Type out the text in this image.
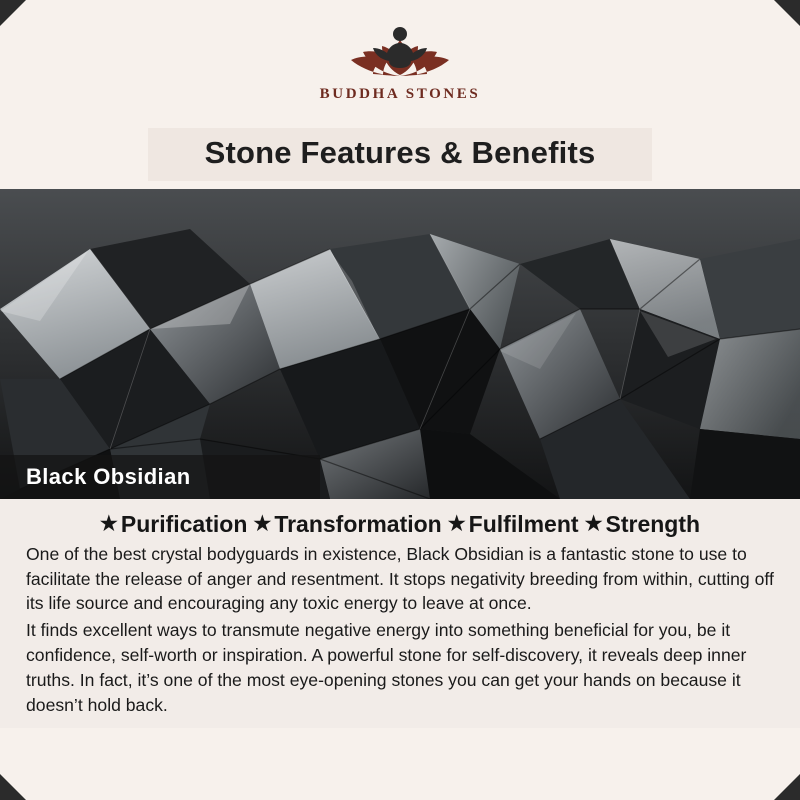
BUDDHA STONES
Stone Features & Benefits
Black Obsidian
★ Purification ★ Transformation ★ Fulfilment ★ Strength

One of the best crystal bodyguards in existence, Black Obsidian is a fantastic stone to use to facilitate the release of anger and resentment. It stops negativity breeding from within, cutting off its life source and encouraging any toxic energy to leave at once.

It finds excellent ways to transmute negative energy into something beneficial for you, be it confidence, self-worth or inspiration. A powerful stone for self-discovery, it reveals deep inner truths. In fact, it’s one of the most eye-opening stones you can get your hands on because it doesn’t hold back.
